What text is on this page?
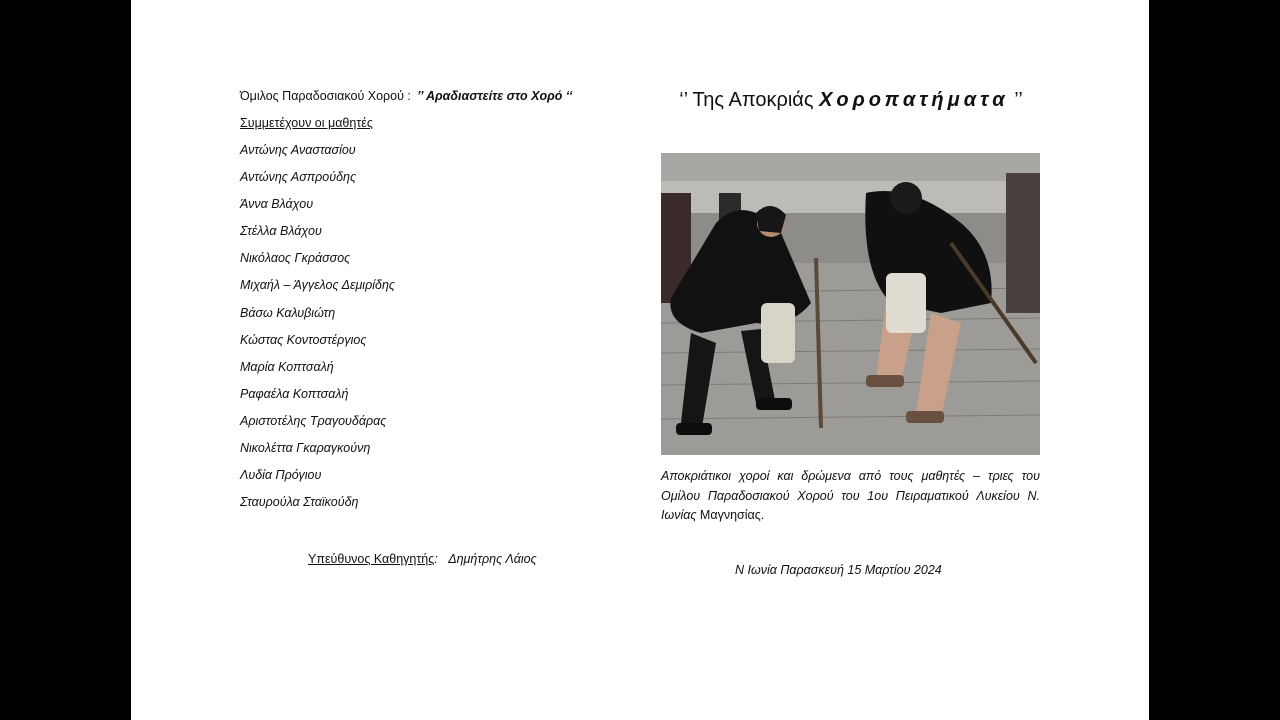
Όμιλος Παραδοσιακού Χορού : ’’ Αραδιαστείτε στο Χορό ‘‘
Συμμετέχουν οι μαθητές
Αντώνης Αναστασίου
Αντώνης Ασπρούδης
Άννα Βλάχου
Στέλλα Βλάχου
Νικόλαος Γκράσσος
Μιχαήλ – Άγγελος Δεμιρίδης
Βάσω Καλυβιώτη
Κώστας Κοντοστέργιος
Μαρία Κοπτσαλή
Ραφαέλα Κοπτσαλή
Αριστοτέλης Τραγουδάρας
Νικολέττα Γκαραγκούνη
Λυδία Πρόγιου
Σταυρούλα Σταϊκούδη
Υπεύθυνος Καθηγητής: Δημήτρης Λάιος
‘’ Της Αποκριάς Χοροπατήματα ’’
Αποκριάτικοι χοροί και δρώμενα από τους μαθητές – τριες του Ομίλου Παραδοσιακού Χορού του 1ου Πειραματικού Λυκείου Ν. Ιωνίας Μαγνησίας.
Ν Ιωνία Παρασκευή 15 Μαρτίου 2024
